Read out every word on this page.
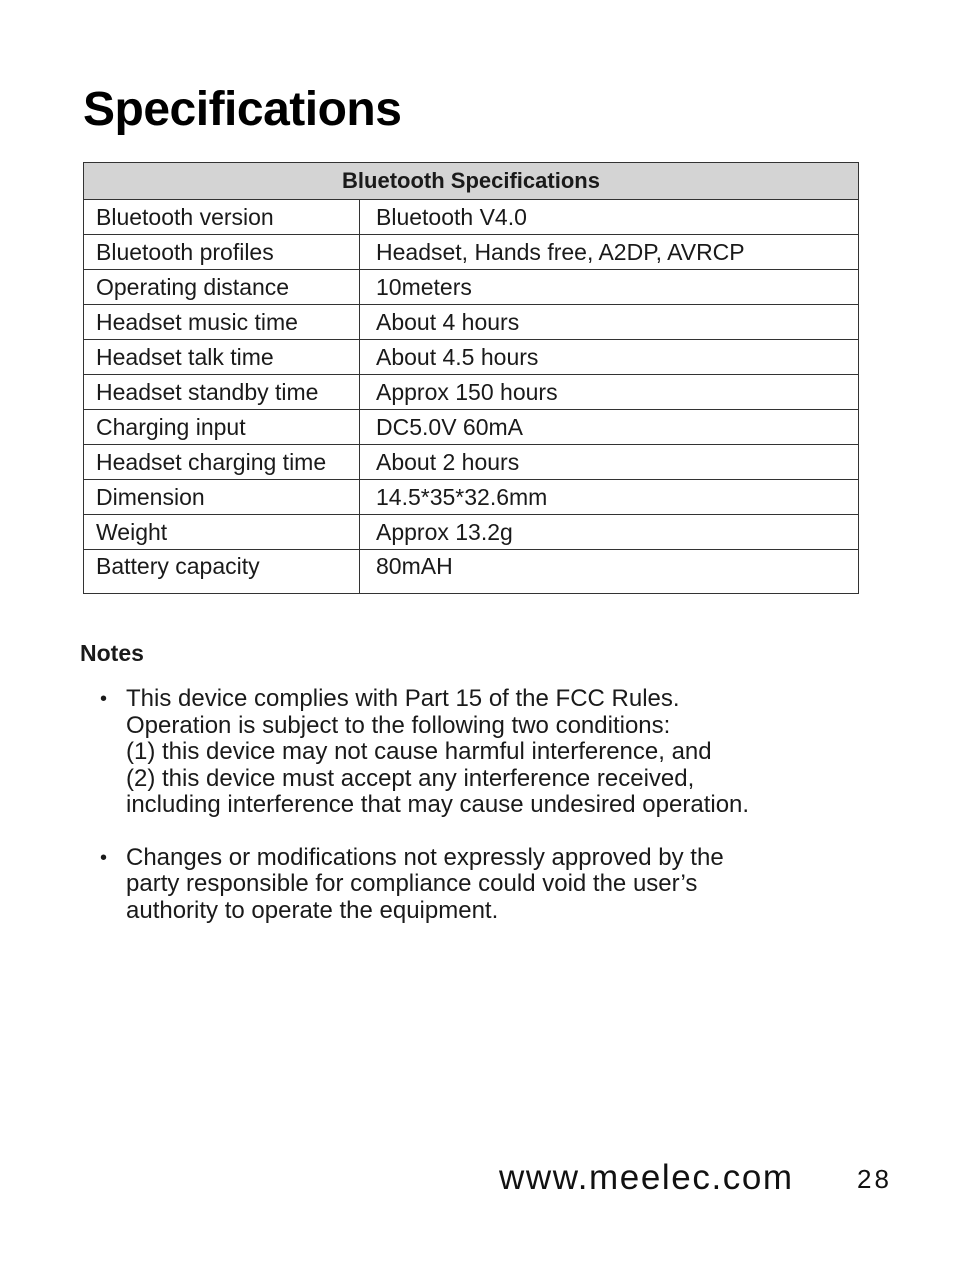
Specifications
Bluetooth Specifications	
Bluetooth version	Bluetooth V4.0
Bluetooth profiles	Headset, Hands free, A2DP, AVRCP
Operating distance	10meters
Headset music time	About 4 hours
Headset talk time	About 4.5 hours
Headset standby time	Approx 150 hours
Charging input	DC5.0V 60mA
Headset charging time	About 2 hours
Dimension	14.5*35*32.6mm
Weight	Approx 13.2g
Battery capacity	80mAH
Notes
• This device complies with Part 15 of the FCC Rules.
Operation is subject to the following two conditions:
(1) this device may not cause harmful interference, and
(2) this device must accept any interference received,
including interference that may cause undesired operation.
• Changes or modifications not expressly approved by the
party responsible for compliance could void the user’s
authority to operate the equipment.
www.meelec.com 28
